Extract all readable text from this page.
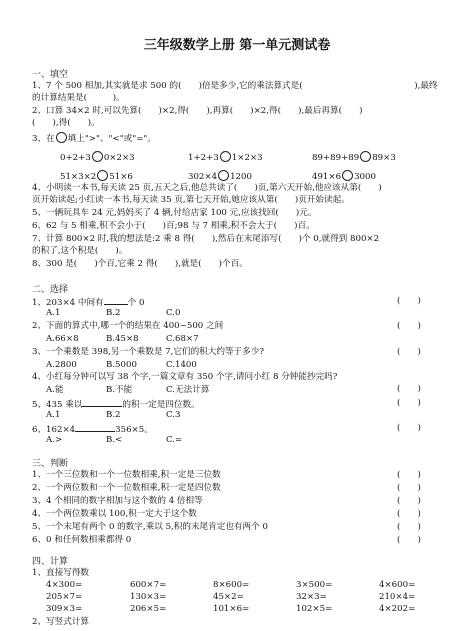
三年级数学上册 第一单元测试卷
一、填空
1、7 个 500 相加,其实就是求 500 的(　　)倍是多少,它的乘法算式是(　　　　　　　　　　　　　),最终
的计算结果是(　　　)。
2、口算 34×2 时,可以先算(　　)×2,得(　　),再算(　　)×2,得(　　),最后再算(　　)
(　　),得(　　)。
3、在 填上">"、"<"或"="。
0+2+3 0×2×3	1+2+3 1×2×3	89+89+89 89×3
51×3×2 51×6	302×4 1200	491×6 3000
4、小明读一本书,每天读 25 页,五天之后,他总共读了(　　)页,第六天开始,他应该从第(　　)
页开始读起;小红读一本书,每天读 35 页,第七天开始,她应该从第(　　)页开始读起。
5、一辆玩具车 24 元,妈妈买了 4 辆,付给店家 100 元,应该找回(　　)元。
6、62 与 5 相乘,积不会小于(　　)百;98 与 7 相乘,积不会大于(　　)百。
7、计算 800×2 时,我的想法是:2 乘 8 得(　　),然后在末尾添写(　　)个 0,就得到 800×2
的积了,这个积是(　　)。
8、300 是(　　)个百,它乘 2 得(　　),就是(　　)个百。
二、选择
1、203×4 中间有	个 0	(　　)
A.1	B.2	C.0
2、下面的算式中,哪一个的结果在 400~500 之间	(　　)
A.66×8	B.45×8	C.68×7
3、一个乘数是 398,另一个乘数是 7,它们的积大约等于多少?	(　　)
A.2800	B.5000	C.1400
4、小红每分钟可以写 38 个字,一篇文章有 350 个字,请问小红 8 分钟能抄完吗?
(　　)
A.能	B.不能	C.无法计算
5、435 乘以	的积一定是四位数。	(　　)
A.1	B.2	C.3
6、162×4	356×5。	(　　)
A.>	B.<	C.=
三、判断
1、一个三位数和一个一位数相乘,积一定是三位数	(　　)
2、一个两位数和一个一位数相乘,积一定是四位数	(　　)
3、4 个相同的数字相加与这个数的 4 倍相等	(　　)
4、一个两位数乘以 100,积一定大于这个数	(　　)
5、一个末尾有两个 0 的数字,乘以 5,积的末尾肯定也有两个 0	(　　)
6、0 和任何数相乘都得 0	(　　)
四、计算
1、直接写得数
4×300=	600×7=	8×600=	3×500=	4×600=
205×7=	130×3=	45×2=	32×3=	210×4=
309×3=	206×5=	101×6=	102×5=	4×202=
2、写竖式计算
